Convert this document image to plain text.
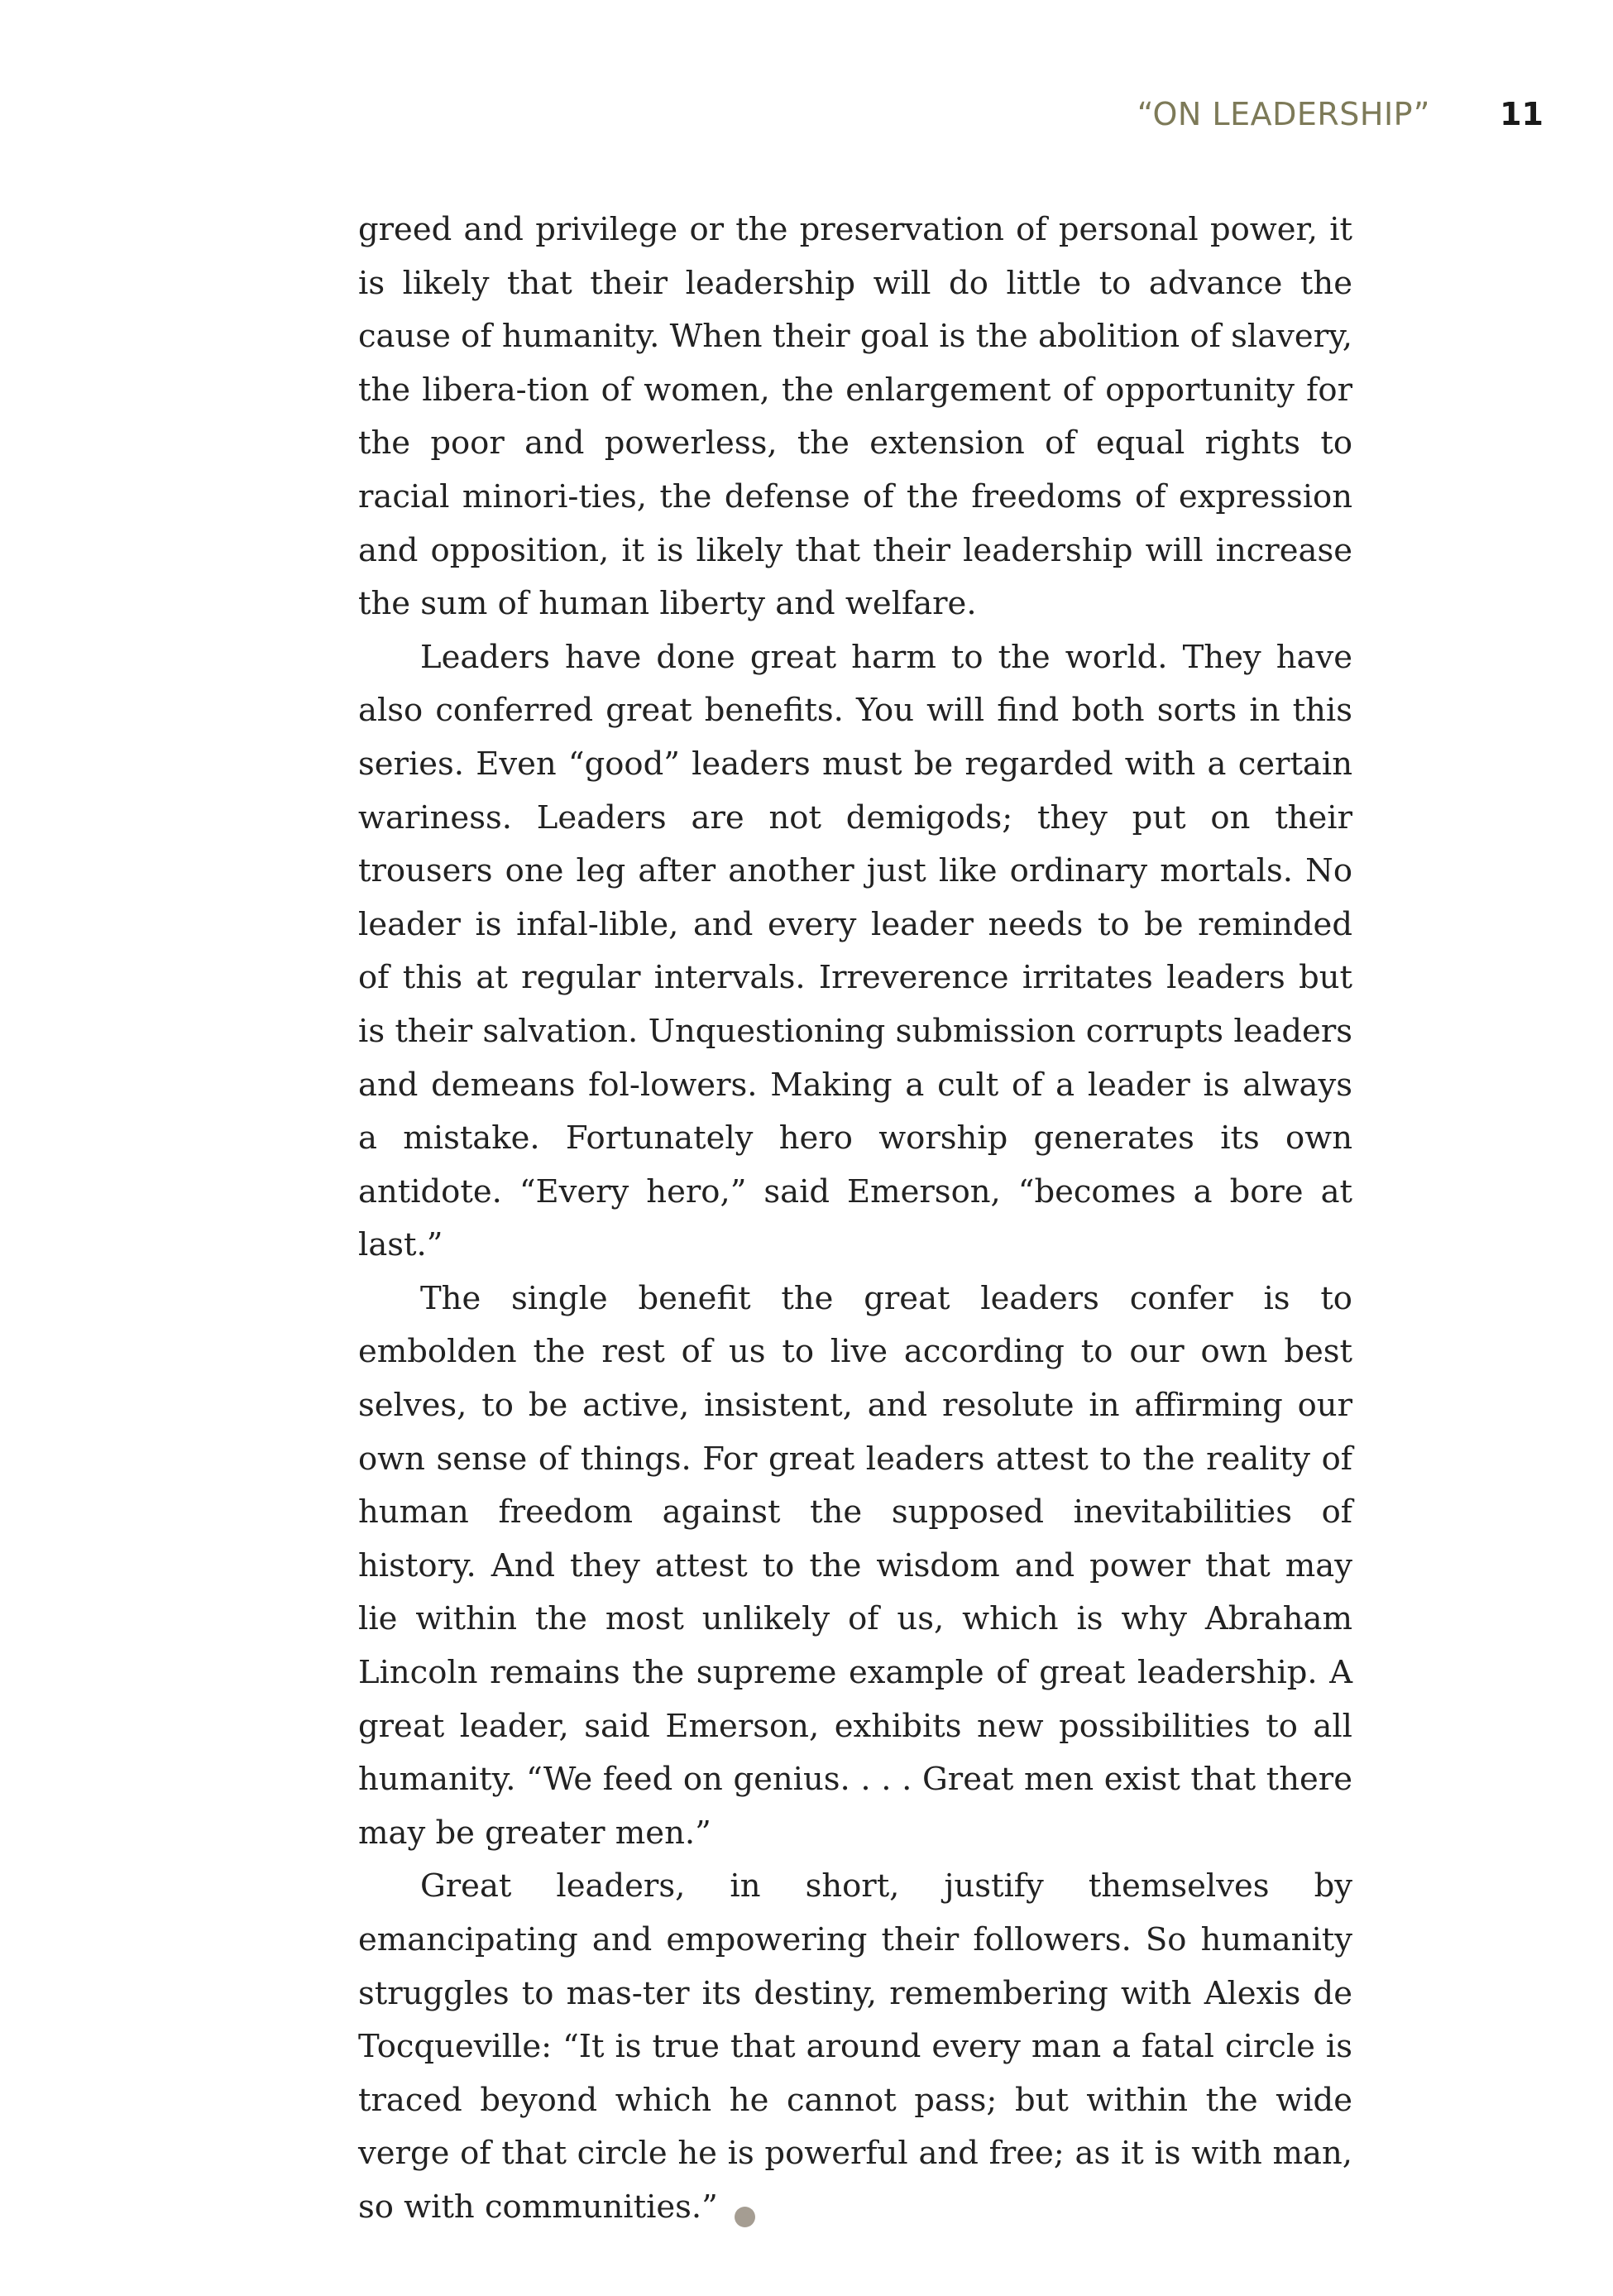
“ON LEADERSHIP” 11

greed and privilege or the preservation of personal power, it is likely that their leadership will do little to advance the cause of humanity. When their goal is the abolition of slavery, the libera-tion of women, the enlargement of opportunity for the poor and powerless, the extension of equal rights to racial minori-ties, the defense of the freedoms of expression and opposition, it is likely that their leadership will increase the sum of human liberty and welfare.

Leaders have done great harm to the world. They have also conferred great benefits. You will find both sorts in this series. Even “good” leaders must be regarded with a certain wariness. Leaders are not demigods; they put on their trousers one leg after another just like ordinary mortals. No leader is infal-lible, and every leader needs to be reminded of this at regular intervals. Irreverence irritates leaders but is their salvation. Unquestioning submission corrupts leaders and demeans fol-lowers. Making a cult of a leader is always a mistake. Fortunately hero worship generates its own antidote. “Every hero,” said Emerson, “becomes a bore at last.”

The single benefit the great leaders confer is to embolden the rest of us to live according to our own best selves, to be active, insistent, and resolute in affirming our own sense of things. For great leaders attest to the reality of human freedom against the supposed inevitabilities of history. And they attest to the wisdom and power that may lie within the most unlikely of us, which is why Abraham Lincoln remains the supreme example of great leadership. A great leader, said Emerson, exhibits new possibilities to all humanity. “We feed on genius. . . . Great men exist that there may be greater men.”

Great leaders, in short, justify themselves by emancipating and empowering their followers. So humanity struggles to mas-ter its destiny, remembering with Alexis de Tocqueville: “It is true that around every man a fatal circle is traced beyond which he cannot pass; but within the wide verge of that circle he is powerful and free; as it is with man, so with communities.”
